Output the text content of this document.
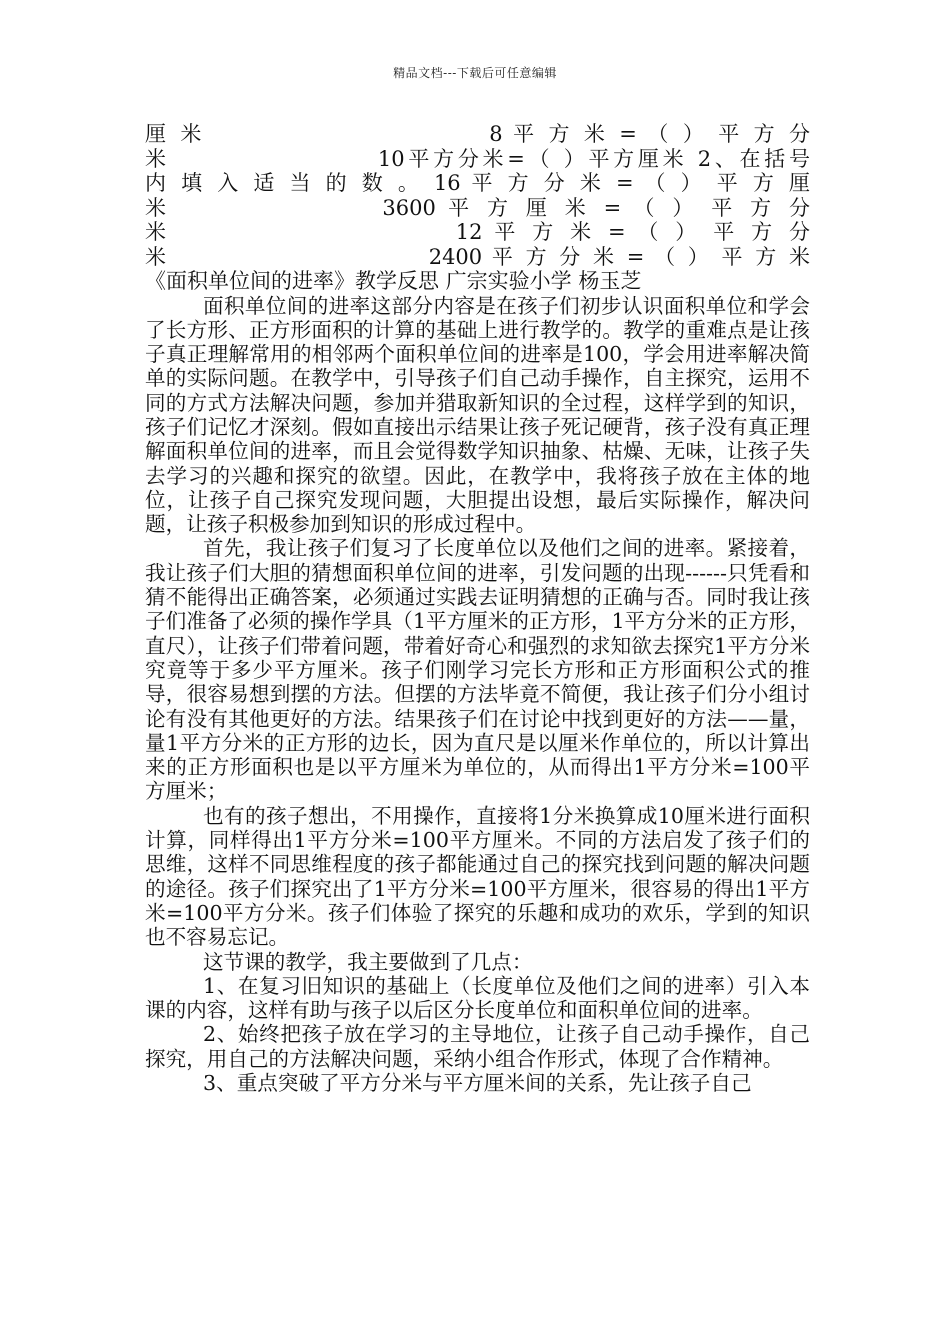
精品文档---下载后可任意编辑
厘 米 　　　　　　　　　　　8 平 方 米 = （ ） 平 方 分
米 　　　　　　　　10平方分米=（ ）平方厘米 2、在括号
内 填 入 适 当 的 数 。 16 平 方 分 米 = （ ） 平 方 厘
米 　　　　　　　 3600 平 方 厘 米 = （ ） 平 方 分
米 　　　　　　　　　　 12 平 方 米 = （ ） 平 方 分
米 　　　　　　　　　　 2400 平 方 分 米 = （ ） 平 方 米
《面积单位间的进率》教学反思 广宗实验小学 杨玉芝

面积单位间的进率这部分内容是在孩子们初步认识面积单位和学会了长方形、正方形面积的计算的基础上进行教学的。教学的重难点是让孩子真正理解常用的相邻两个面积单位间的进率是100，学会用进率解决简单的实际问题。在教学中，引导孩子们自己动手操作，自主探究，运用不同的方式方法解决问题，参加并猎取新知识的全过程，这样学到的知识，孩子们记忆才深刻。假如直接出示结果让孩子死记硬背，孩子没有真正理解面积单位间的进率，而且会觉得数学知识抽象、枯燥、无味，让孩子失去学习的兴趣和探究的欲望。因此，在教学中，我将孩子放在主体的地位，让孩子自己探究发现问题，大胆提出设想，最后实际操作，解决问题，让孩子积极参加到知识的形成过程中。

首先，我让孩子们复习了长度单位以及他们之间的进率。紧接着，我让孩子们大胆的猜想面积单位间的进率，引发问题的出现------只凭看和猜不能得出正确答案，必须通过实践去证明猜想的正确与否。同时我让孩子们准备了必须的操作学具（1平方厘米的正方形，1平方分米的正方形，直尺），让孩子们带着问题，带着好奇心和强烈的求知欲去探究1平方分米究竟等于多少平方厘米。孩子们刚学习完长方形和正方形面积公式的推导，很容易想到摆的方法。但摆的方法毕竟不简便，我让孩子们分小组讨论有没有其他更好的方法。结果孩子们在讨论中找到更好的方法——量，量1平方分米的正方形的边长，因为直尺是以厘米作单位的，所以计算出来的正方形面积也是以平方厘米为单位的，从而得出1平方分米=100平方厘米；

也有的孩子想出，不用操作，直接将1分米换算成10厘米进行面积计算，同样得出1平方分米=100平方厘米。不同的方法启发了孩子们的思维，这样不同思维程度的孩子都能通过自己的探究找到问题的解决问题的途径。孩子们探究出了1平方分米=100平方厘米，很容易的得出1平方米=100平方分米。孩子们体验了探究的乐趣和成功的欢乐，学到的知识也不容易忘记。

这节课的教学，我主要做到了几点：

1、在复习旧知识的基础上（长度单位及他们之间的进率）引入本课的内容，这样有助与孩子以后区分长度单位和面积单位间的进率。

2、始终把孩子放在学习的主导地位，让孩子自己动手操作，自己探究，用自己的方法解决问题，采纳小组合作形式，体现了合作精神。

3、重点突破了平方分米与平方厘米间的关系，先让孩子自己
